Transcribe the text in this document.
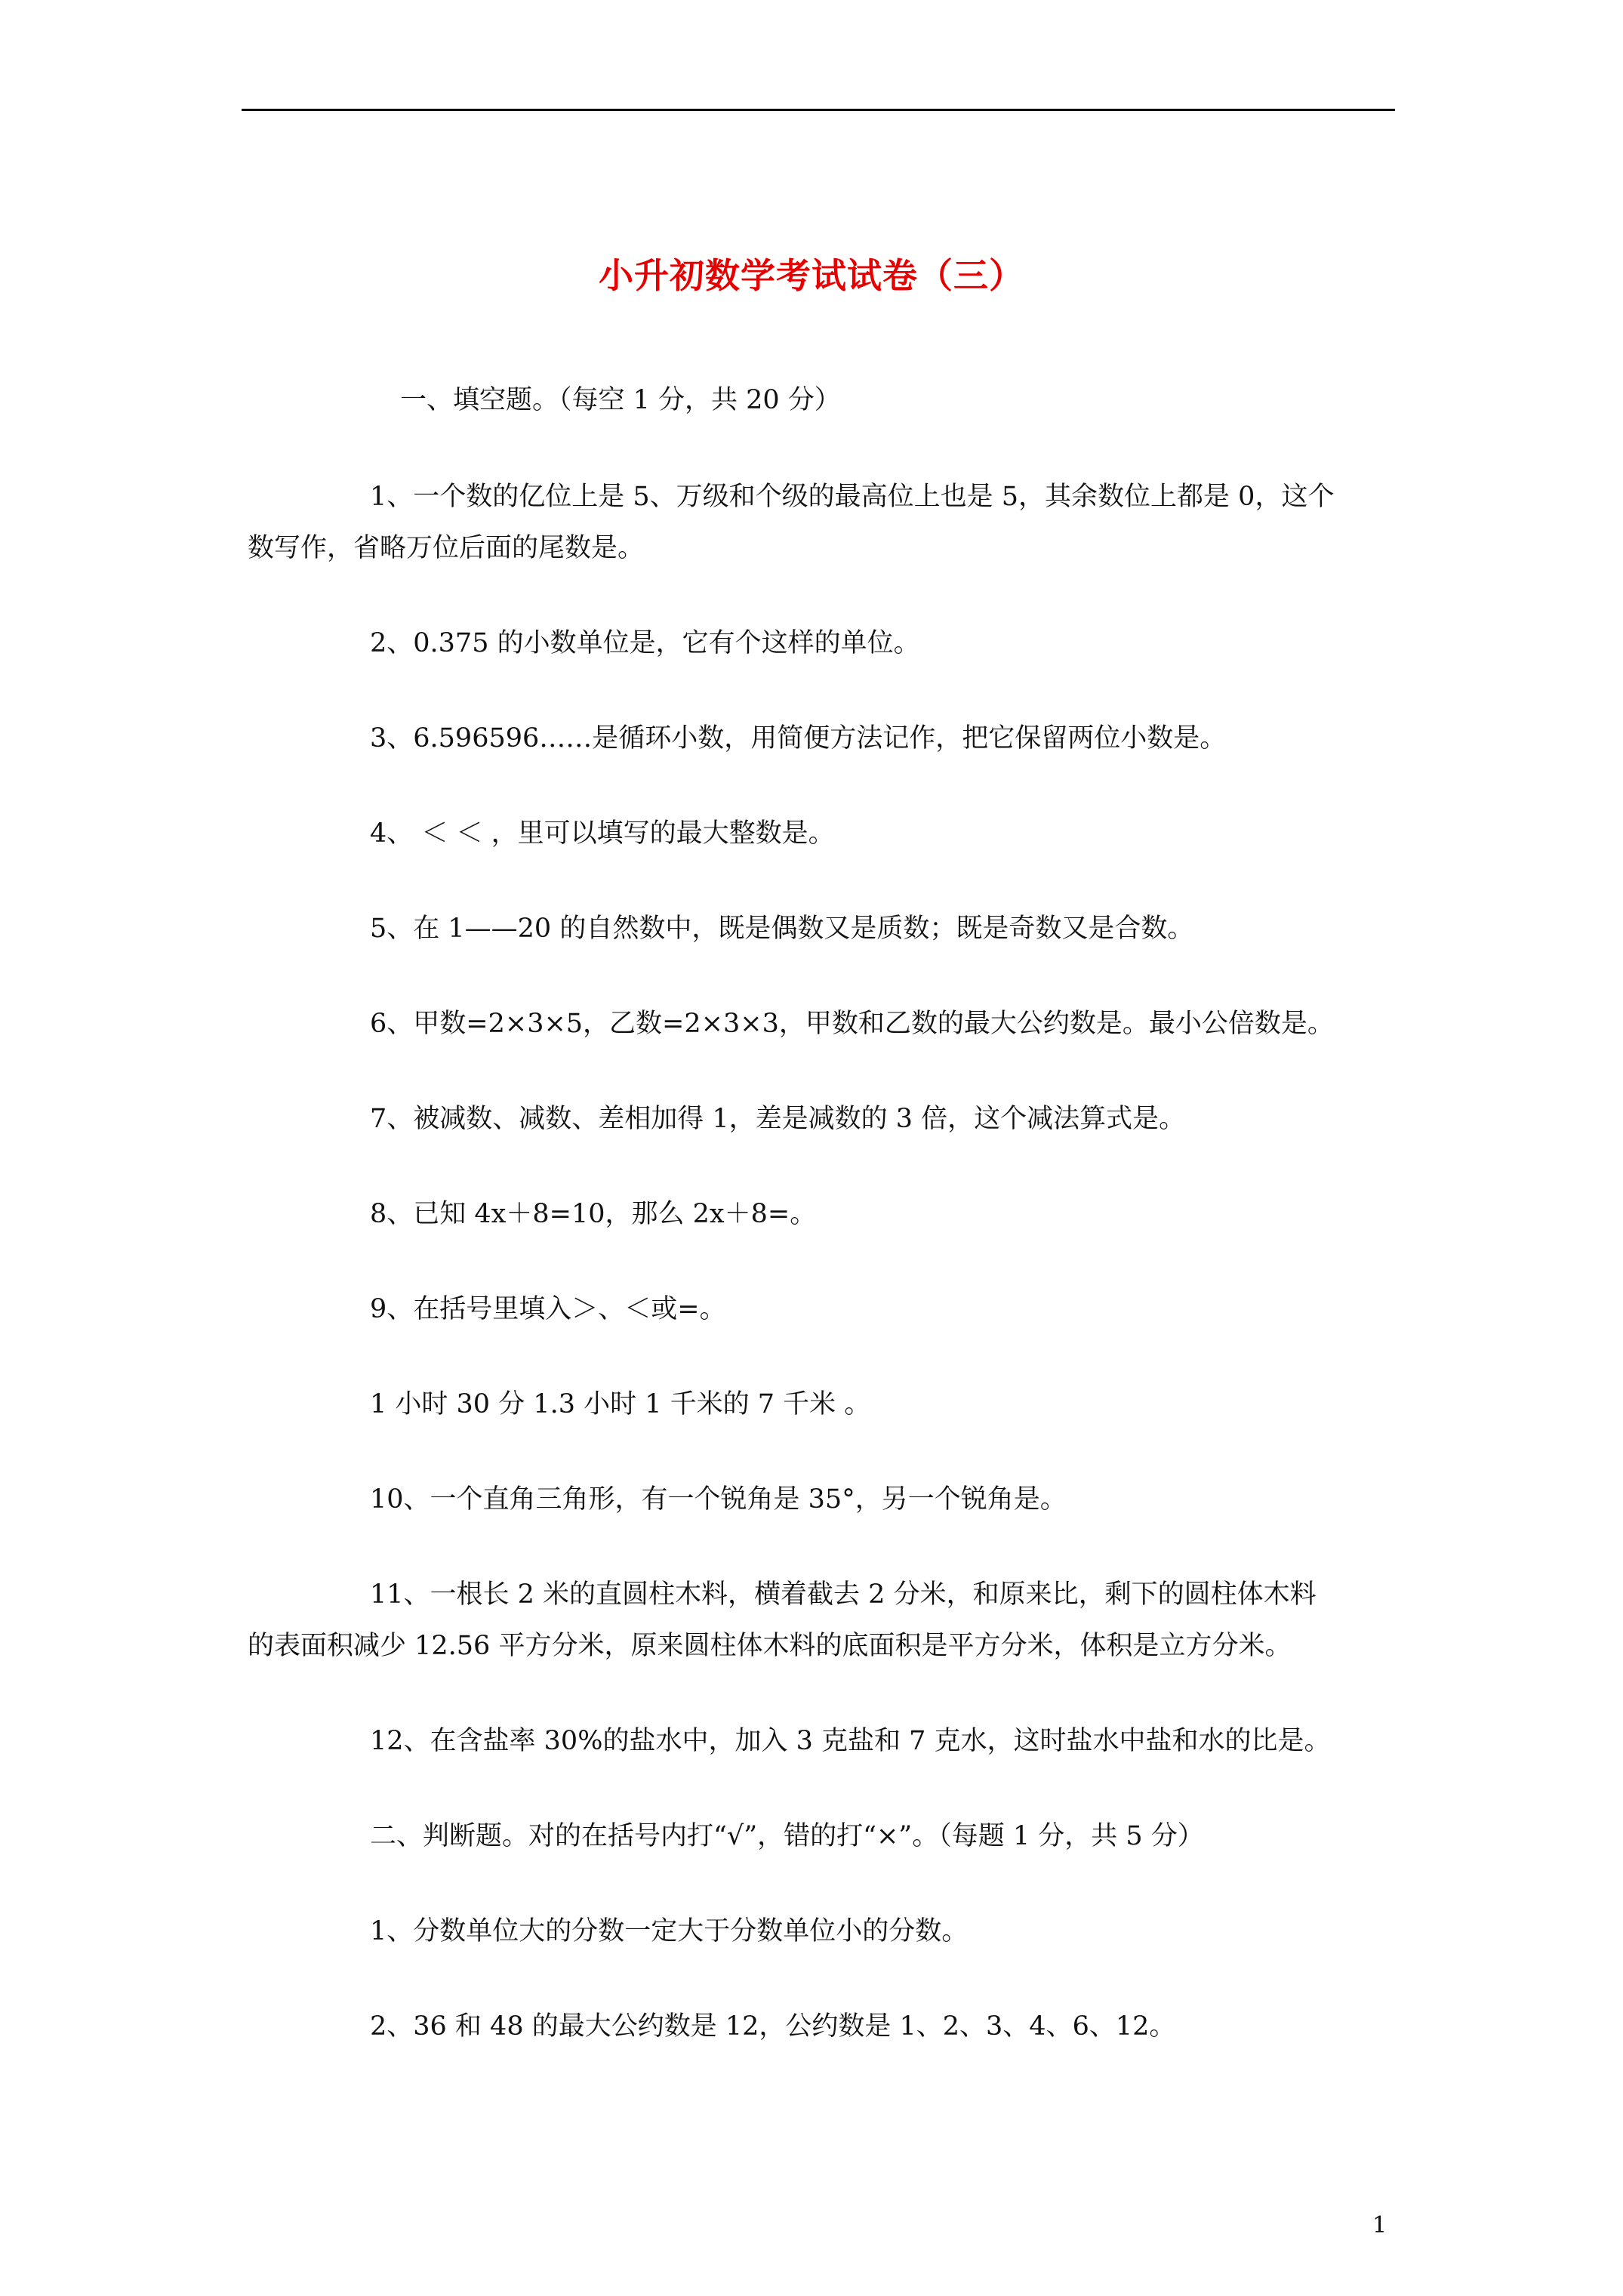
小升初数学考试试卷（三）
一、填空题。（每空 1 分，共 20 分）
1、一个数的亿位上是 5、万级和个级的最高位上也是 5，其余数位上都是 0，这个
数写作，省略万位后面的尾数是。
2、0.375 的小数单位是，它有个这样的单位。
3、6.596596……是循环小数，用简便方法记作，把它保留两位小数是。
4、 ＜ ＜ ，里可以填写的最大整数是。
5、在 1——20 的自然数中，既是偶数又是质数；既是奇数又是合数。
6、甲数=2×3×5，乙数=2×3×3，甲数和乙数的最大公约数是。最小公倍数是。
7、被减数、减数、差相加得 1，差是减数的 3 倍，这个减法算式是。
8、已知 4x＋8=10，那么 2x＋8=。
9、在括号里填入＞、＜或=。
1 小时 30 分 1.3 小时 1 千米的 7 千米 。
10、一个直角三角形，有一个锐角是 35°，另一个锐角是。
11、一根长 2 米的直圆柱木料，横着截去 2 分米，和原来比，剩下的圆柱体木料
的表面积减少 12.56 平方分米，原来圆柱体木料的底面积是平方分米，体积是立方分米。
12、在含盐率 30%的盐水中，加入 3 克盐和 7 克水，这时盐水中盐和水的比是。
二、判断题。对的在括号内打“√”，错的打“×”。（每题 1 分，共 5 分）
1、分数单位大的分数一定大于分数单位小的分数。
2、36 和 48 的最大公约数是 12，公约数是 1、2、3、4、6、12。
1
